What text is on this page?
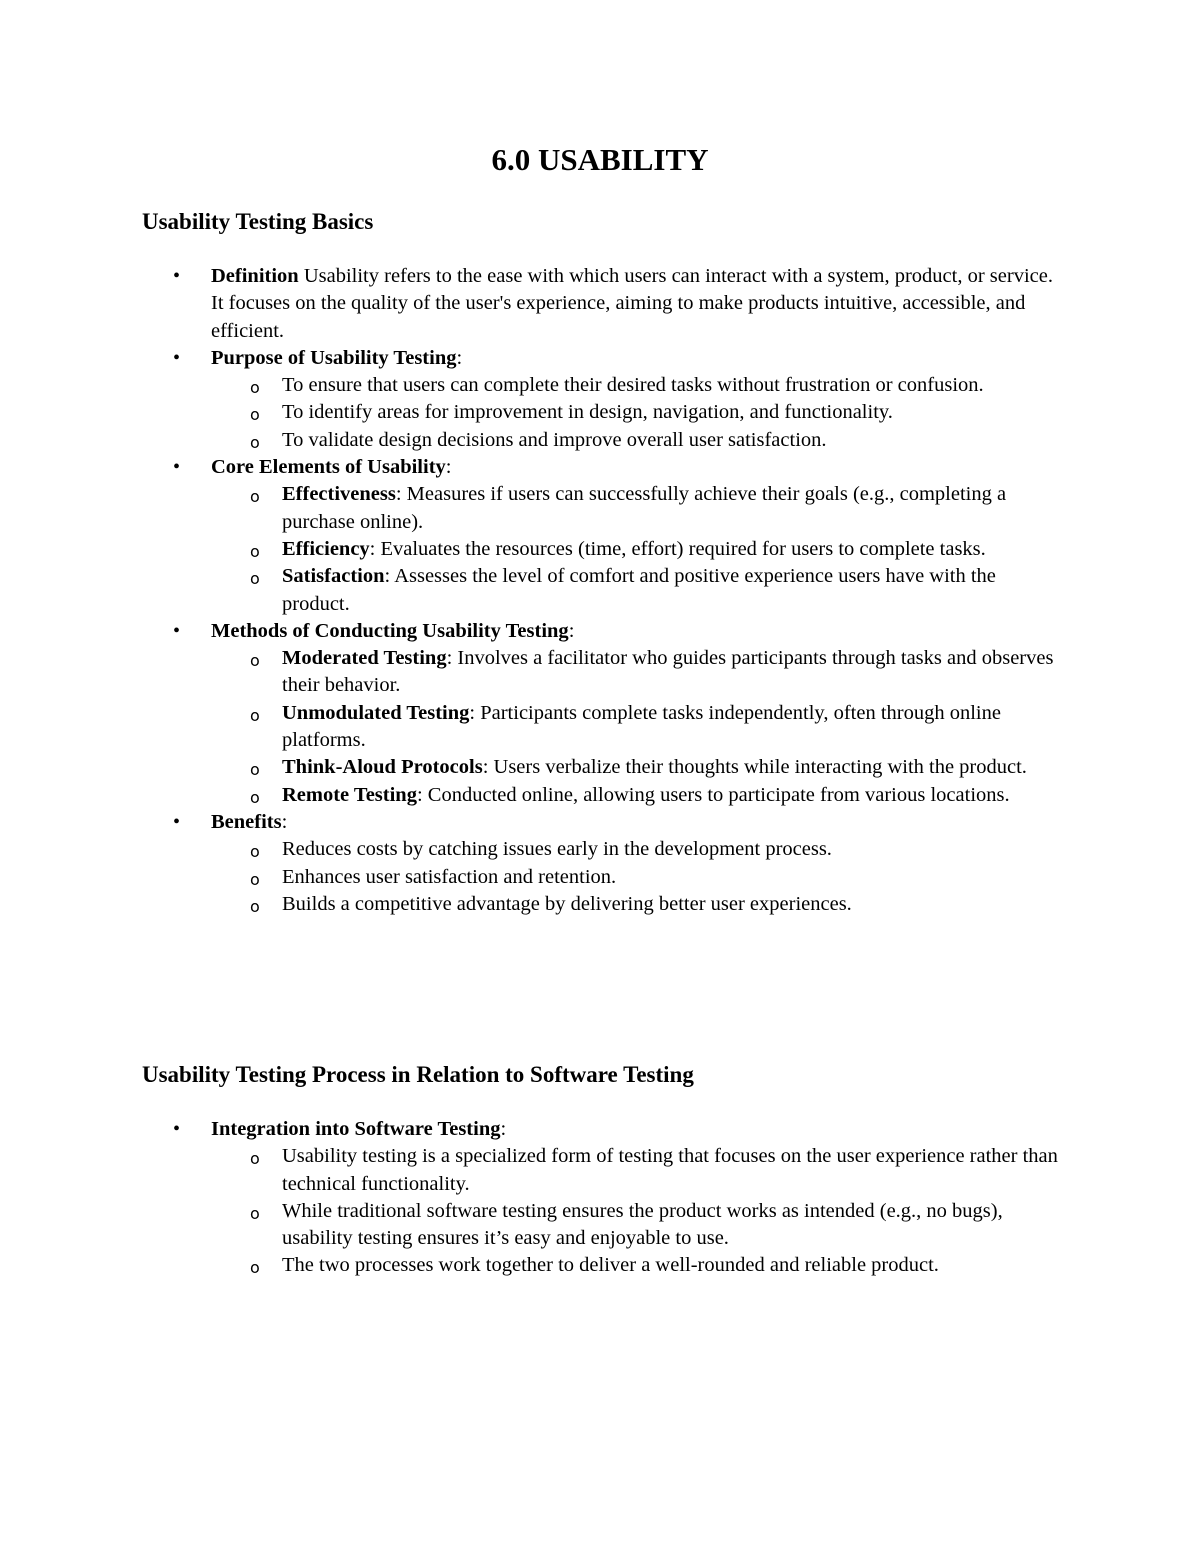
6.0 USABILITY
Usability Testing Basics
• Definition Usability refers to the ease with which users can interact with a system, product, or service. It focuses on the quality of the user's experience, aiming to make products intuitive, accessible, and efficient.
• Purpose of Usability Testing:
o To ensure that users can complete their desired tasks without frustration or confusion.
o To identify areas for improvement in design, navigation, and functionality.
o To validate design decisions and improve overall user satisfaction.
• Core Elements of Usability:
o Effectiveness: Measures if users can successfully achieve their goals (e.g., completing a purchase online).
o Efficiency: Evaluates the resources (time, effort) required for users to complete tasks.
o Satisfaction: Assesses the level of comfort and positive experience users have with the product.
• Methods of Conducting Usability Testing:
o Moderated Testing: Involves a facilitator who guides participants through tasks and observes their behavior.
o Unmodulated Testing: Participants complete tasks independently, often through online platforms.
o Think-Aloud Protocols: Users verbalize their thoughts while interacting with the product.
o Remote Testing: Conducted online, allowing users to participate from various locations.
• Benefits:
o Reduces costs by catching issues early in the development process.
o Enhances user satisfaction and retention.
o Builds a competitive advantage by delivering better user experiences.
Usability Testing Process in Relation to Software Testing
• Integration into Software Testing:
o Usability testing is a specialized form of testing that focuses on the user experience rather than technical functionality.
o While traditional software testing ensures the product works as intended (e.g., no bugs), usability testing ensures it’s easy and enjoyable to use.
o The two processes work together to deliver a well-rounded and reliable product.
